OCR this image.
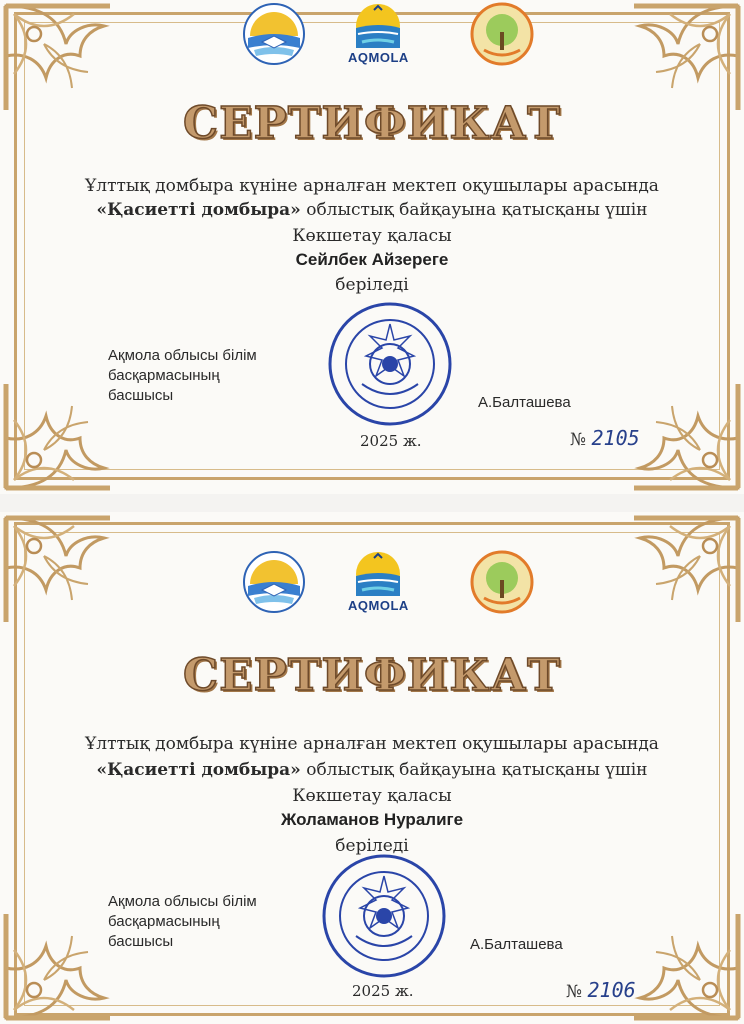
AQMOLA
СЕРТИФИКАТ
Ұлттық домбыра күніне арналған мектеп оқушылары арасында
«Қасиетті домбыра» облыстық байқауына қатысқаны үшін
Көкшетау қаласы
Сейлбек Айзереге
беріледі
Ақмола облысы білім
басқармасының
басшысы	А.Балташева
2025 ж.	№ 2105
AQMOLA
СЕРТИФИКАТ
Ұлттық домбыра күніне арналған мектеп оқушылары арасында
«Қасиетті домбыра» облыстық байқауына қатысқаны үшін
Көкшетау қаласы
Жоламанов Нуралиге
беріледі
Ақмола облысы білім
басқармасының
басшысы	А.Балташева
2025 ж.	№ 2106
